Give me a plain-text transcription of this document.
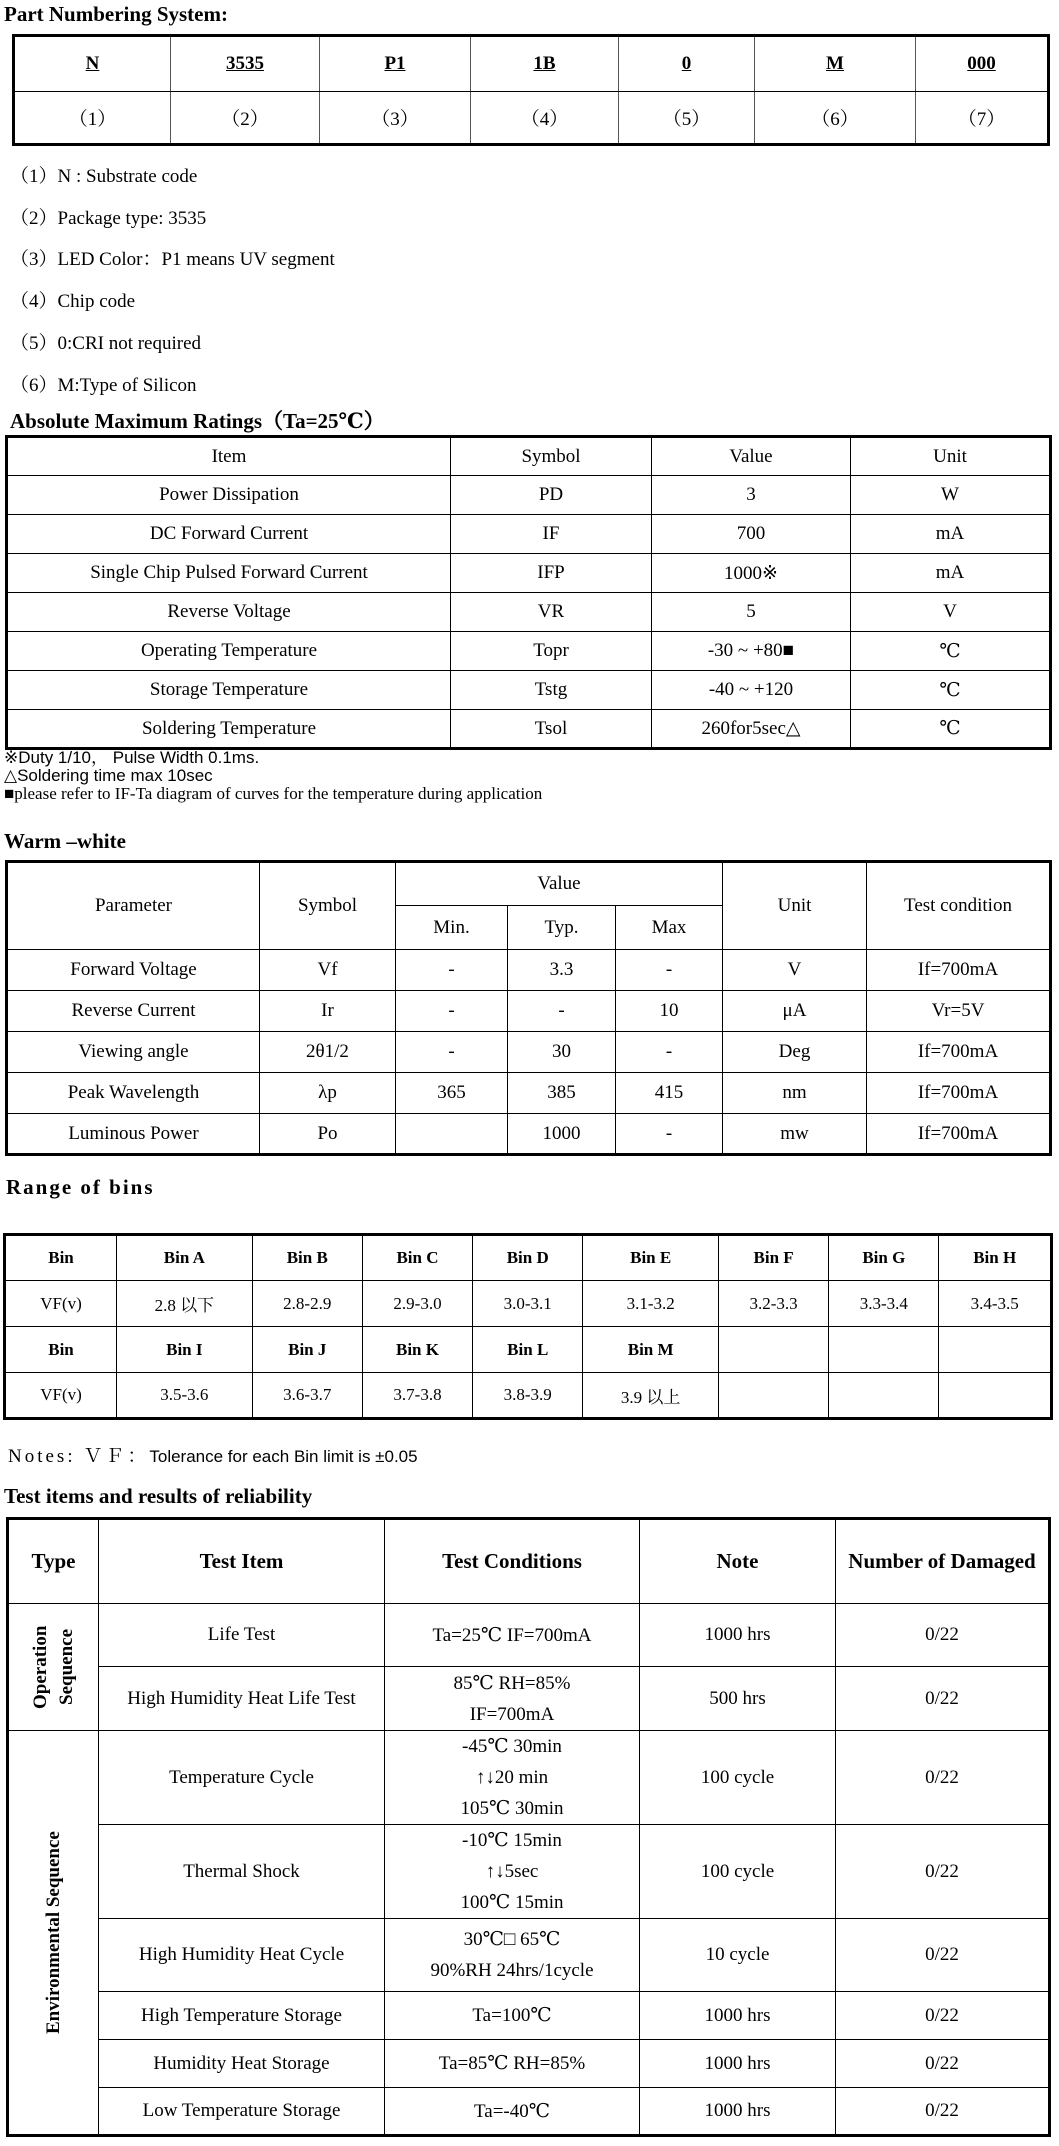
Part Numbering System:
N	3535	P1	1B	0	M	000
（1）	（2）	（3）	（4）	（5）	（6）	（7）
（1）N : Substrate code
（2）Package type: 3535
（3）LED Color：P1 means UV segment
（4）Chip code
（5）0:CRI not required
（6）M:Type of Silicon
Absolute Maximum Ratings（Ta=25℃）
Item	Symbol	Value	Unit
Power Dissipation	PD	3	W
DC Forward Current	IF	700	mA
Single Chip Pulsed Forward Current	IFP	1000※	mA
Reverse Voltage	VR	5	V
Operating Temperature	Topr	-30 ~ +80■	℃
Storage Temperature	Tstg	-40 ~ +120	℃
Soldering Temperature	Tsol	260for5sec△	℃
※Duty 1/10， Pulse Width 0.1ms.
△Soldering time max 10sec
■please refer to IF-Ta diagram of curves for the temperature during application
Warm –white
Parameter	Symbol	Value			Unit	Test condition
		Min.	Typ.	Max		
Forward Voltage	Vf	-	3.3	-	V	If=700mA
Reverse Current	Ir	-	-	10	μA	Vr=5V
Viewing angle	2θ1/2	-	30	-	Deg	If=700mA
Peak Wavelength	λp	365	385	415	nm	If=700mA
Luminous Power	Po		1000	-	mw	If=700mA
Range of bins
Bin	Bin A	Bin B	Bin C	Bin D	Bin E	Bin F	Bin G	Bin H
VF(v)	2.8 以下	2.8-2.9	2.9-3.0	3.0-3.1	3.1-3.2	3.2-3.3	3.3-3.4	3.4-3.5
Bin	Bin I	Bin J	Bin K	Bin L	Bin M			
VF(v)	3.5-3.6	3.6-3.7	3.7-3.8	3.8-3.9	3.9 以上			
Notes: ＶＦ：Tolerance for each Bin limit is ±0.05
Test items and results of reliability
Type	Test Item	Test Conditions	Note	Number of Damaged

Operation Sequence	Life Test	Ta=25℃ IF=700mA	1000 hrs	0/22
	High Humidity Heat Life Test	85℃ RH=85%
IF=700mA	500 hrs	0/22

Environmental Sequence	Temperature Cycle	-45℃ 30min
↑↓20 min
105℃ 30min	100 cycle	0/22
	Thermal Shock	-10℃ 15min
↑↓5sec
100℃ 15min	100 cycle	0/22
	High Humidity Heat Cycle	30℃□ 65℃
90%RH 24hrs/1cycle	10 cycle	0/22
	High Temperature Storage	Ta=100℃	1000 hrs	0/22
	Humidity Heat Storage	Ta=85℃ RH=85%	1000 hrs	0/22
	Low Temperature Storage	Ta=-40℃	1000 hrs	0/22
